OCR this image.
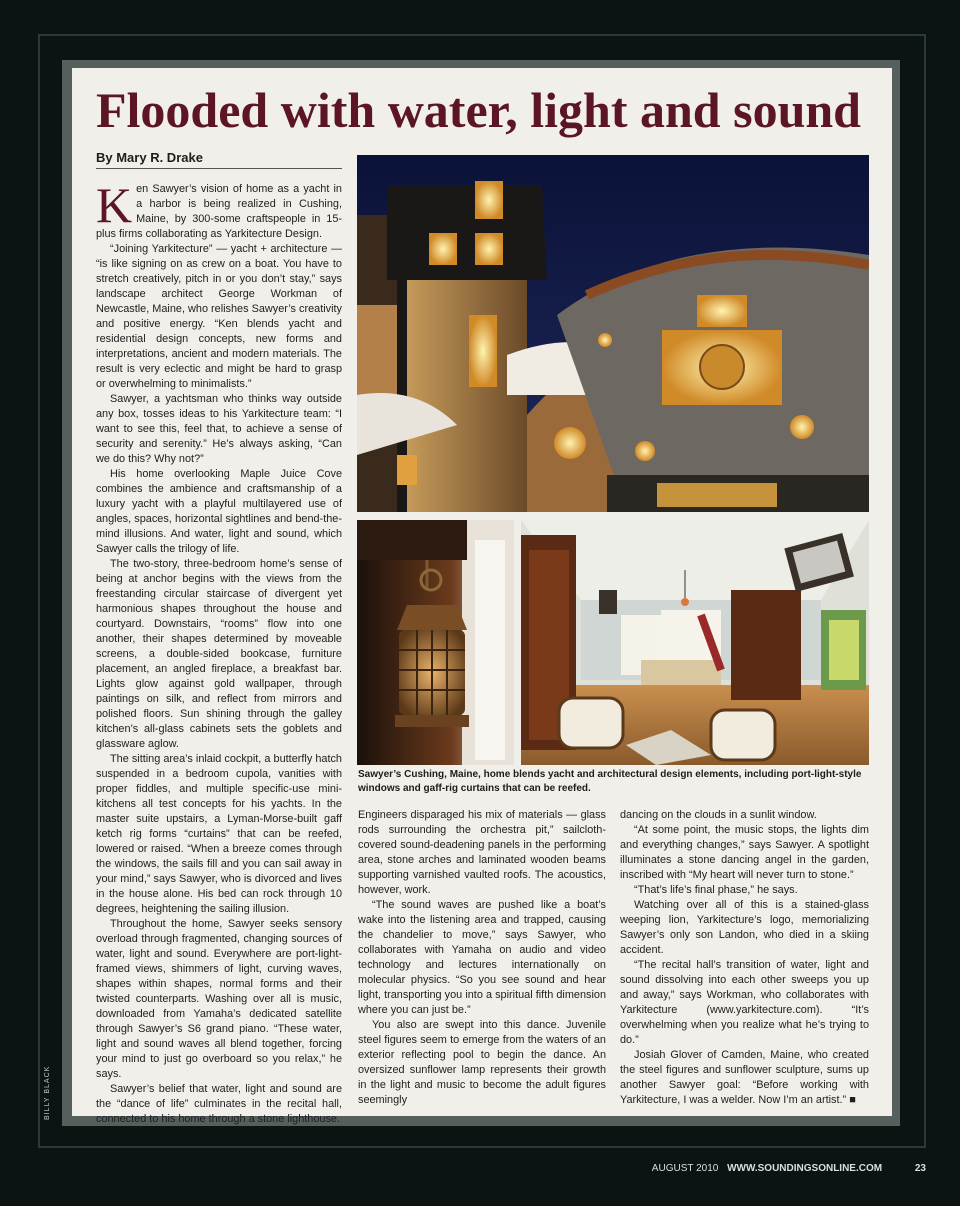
Flooded with water, light and sound
By Mary R. Drake

Ken Sawyer’s vision of home as a yacht in a harbor is being realized in Cushing, Maine, by 300-some craftspeople in 15-plus firms collaborating as Yarkitecture Design.

“Joining Yarkitecture” — yacht + architecture — “is like signing on as crew on a boat. You have to stretch creatively, pitch in or you don’t stay,” says landscape architect George Workman of Newcastle, Maine, who relishes Sawyer’s creativity and positive energy. “Ken blends yacht and residential design concepts, new forms and interpretations, ancient and modern materials. The result is very eclectic and might be hard to grasp or overwhelming to minimalists.”

Sawyer, a yachtsman who thinks way outside any box, tosses ideas to his Yarkitecture team: “I want to see this, feel that, to achieve a sense of security and serenity.” He’s always asking, “Can we do this? Why not?”

His home overlooking Maple Juice Cove combines the ambience and craftsmanship of a luxury yacht with a playful multilayered use of angles, spaces, horizontal sightlines and bend-the-mind illusions. And water, light and sound, which Sawyer calls the trilogy of life.

The two-story, three-bedroom home’s sense of being at anchor begins with the views from the freestanding circular staircase of divergent yet harmonious shapes throughout the house and courtyard. Downstairs, “rooms” flow into one another, their shapes determined by moveable screens, a double-sided bookcase, furniture placement, an angled fireplace, a breakfast bar. Lights glow against gold wallpaper, through paintings on silk, and reflect from mirrors and polished floors. Sun shining through the galley kitchen’s all-glass cabinets sets the goblets and glassware aglow.

The sitting area’s inlaid cockpit, a butterfly hatch suspended in a bedroom cupola, vanities with proper fiddles, and multiple specific-use mini-kitchens all test concepts for his yachts. In the master suite upstairs, a Lyman-Morse-built gaff ketch rig forms “curtains” that can be reefed, lowered or raised. “When a breeze comes through the windows, the sails fill and you can sail away in your mind,” says Sawyer, who is divorced and lives in the house alone. His bed can rock through 10 degrees, heightening the sailing illusion.

Throughout the home, Sawyer seeks sensory overload through fragmented, changing sources of water, light and sound. Everywhere are port-light-framed views, shimmers of light, curving waves, shapes within shapes, normal forms and their twisted counterparts. Washing over all is music, downloaded from Yamaha’s dedicated satellite through Sawyer’s S6 grand piano. “These water, light and sound waves all blend together, forcing your mind to just go overboard so you relax,” he says.

Sawyer’s belief that water, light and sound are the “dance of life” culminates in the recital hall, connected to his home through a stone lighthouse.

Sawyer’s Cushing, Maine, home blends yacht and architectural design elements, including port-light-style windows and gaff-rig curtains that can be reefed.

Engineers disparaged his mix of materials — glass rods surrounding the orchestra pit,” sailcloth-covered sound-deadening panels in the performing area, stone arches and laminated wooden beams supporting varnished vaulted roofs. The acoustics, however, work.

“The sound waves are pushed like a boat’s wake into the listening area and trapped, causing the chandelier to move,” says Sawyer, who collaborates with Yamaha on audio and video technology and lectures internationally on molecular physics. “So you see sound and hear light, transporting you into a spiritual fifth dimension where you can just be.”

You also are swept into this dance. Juvenile steel figures seem to emerge from the waters of an exterior reflecting pool to begin the dance. An oversized sunflower lamp represents their growth in the light and music to become the adult figures seemingly

dancing on the clouds in a sunlit window.

“At some point, the music stops, the lights dim and everything changes,” says Sawyer. A spotlight illuminates a stone dancing angel in the garden, inscribed with “My heart will never turn to stone.”

“That’s life’s final phase,” he says.

Watching over all of this is a stained-glass weeping lion, Yarkitecture’s logo, memorializing Sawyer’s only son Landon, who died in a skiing accident.

“The recital hall’s transition of water, light and sound dissolving into each other sweeps you up and away,” says Workman, who collaborates with Yarkitecture (www.yarkitecture.com). “It’s overwhelming when you realize what he’s trying to do.”

Josiah Glover of Camden, Maine, who created the steel figures and sunflower sculpture, sums up another Sawyer goal: “Before working with Yarkitecture, I was a welder. Now I’m an artist.” ■

BILLY BLACK
AUGUST 2010 WWW.SOUNDINGSONLINE.COM	23
